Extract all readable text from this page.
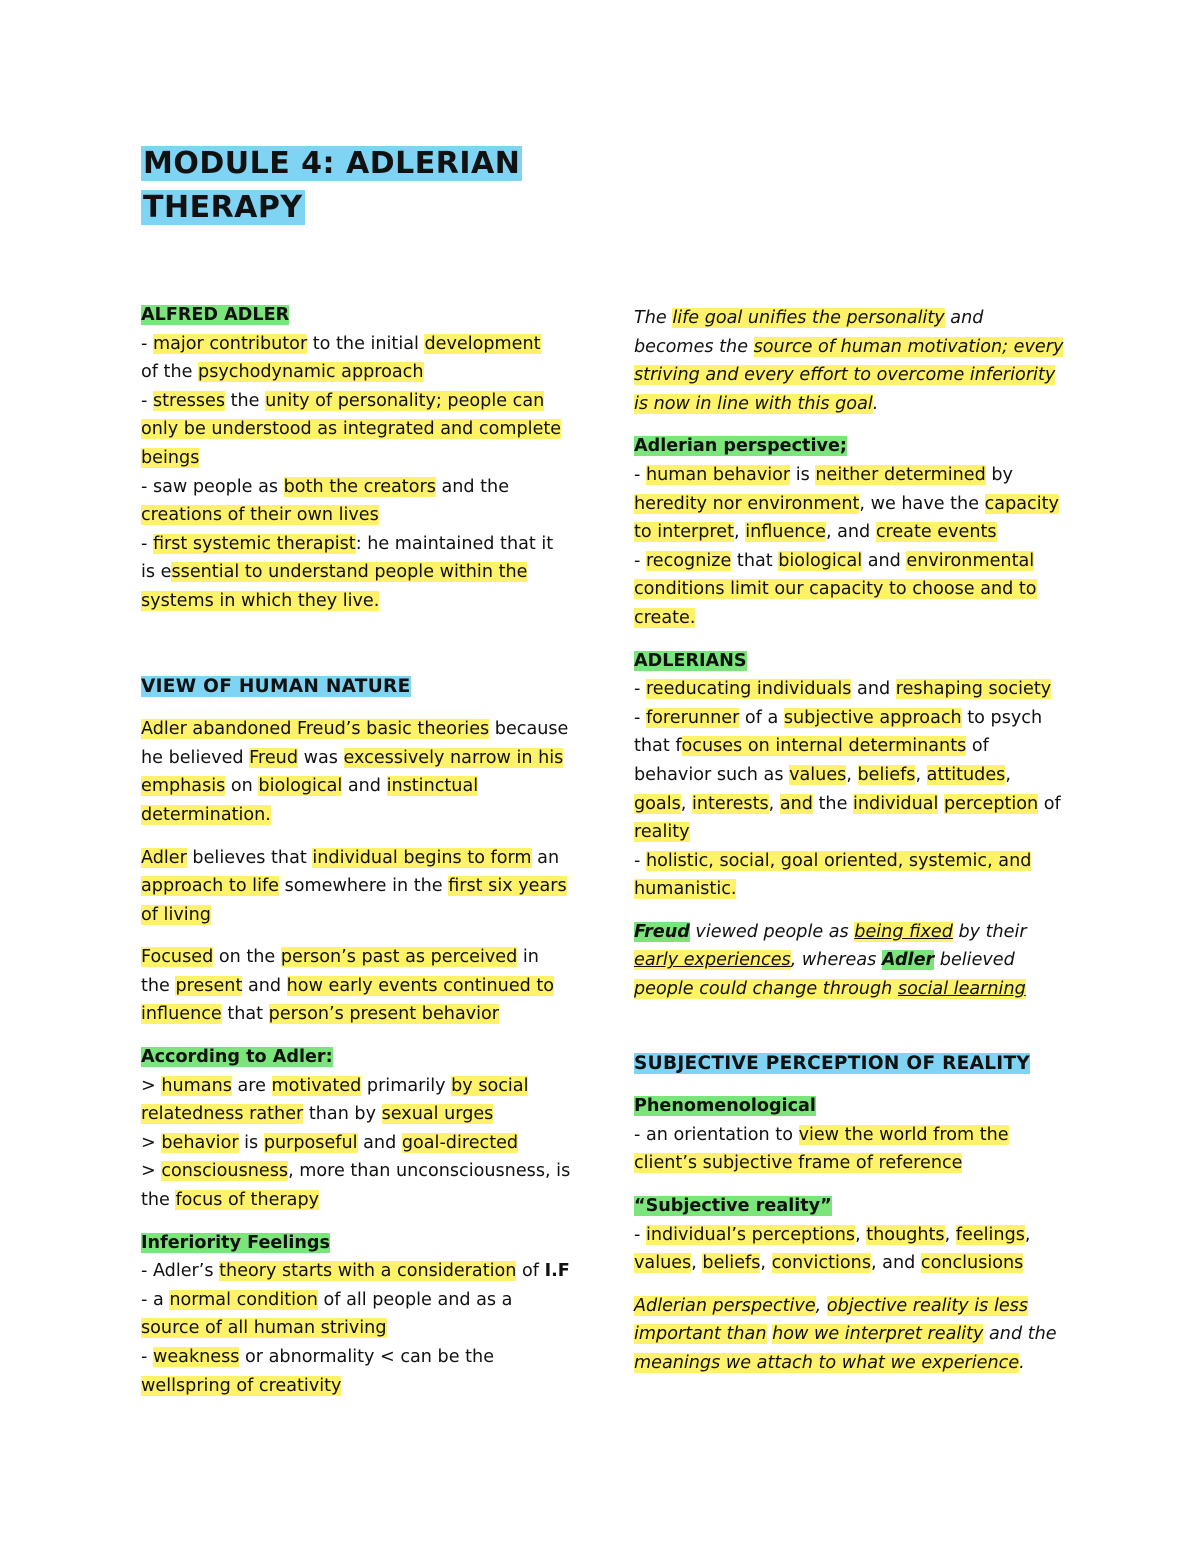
MODULE 4: ADLERIAN
THERAPY

ALFRED ADLER

- major contributor to the initial development

of the psychodynamic approach

- stresses the unity of personality; people can

only be understood as integrated and complete

beings

- saw people as both the creators and the

creations of their own lives

- first systemic therapist: he maintained that it

is essential to understand people within the

systems in which they live.

VIEW OF HUMAN NATURE

Adler abandoned Freud’s basic theories because

he believed Freud was excessively narrow in his

emphasis on biological and instinctual

determination.

Adler believes that individual begins to form an

approach to life somewhere in the first six years

of living

Focused on the person’s past as perceived in

the present and how early events continued to

influence that person’s present behavior

According to Adler:

> humans are motivated primarily by social

relatedness rather than by sexual urges

> behavior is purposeful and goal-directed

> consciousness, more than unconsciousness, is

the focus of therapy

Inferiority Feelings

- Adler’s theory starts with a consideration of I.F

- a normal condition of all people and as a

source of all human striving

- weakness or abnormality < can be the

wellspring of creativity

The life goal unifies the personality and

becomes the source of human motivation; every

striving and every effort to overcome inferiority

is now in line with this goal.

Adlerian perspective;

- human behavior is neither determined by

heredity nor environment, we have the capacity

to interpret, influence, and create events

- recognize that biological and environmental

conditions limit our capacity to choose and to

create.

ADLERIANS

- reeducating individuals and reshaping society

- forerunner of a subjective approach to psych

that focuses on internal determinants of

behavior such as values, beliefs, attitudes,

goals, interests, and the individual perception of

reality

- holistic, social, goal oriented, systemic, and

humanistic.

Freud viewed people as being fixed by their

early experiences, whereas Adler believed

people could change through social learning

SUBJECTIVE PERCEPTION OF REALITY

Phenomenological

- an orientation to view the world from the

client’s subjective frame of reference

“Subjective reality”

- individual’s perceptions, thoughts, feelings,

values, beliefs, convictions, and conclusions

Adlerian perspective, objective reality is less

important than how we interpret reality and the

meanings we attach to what we experience.
